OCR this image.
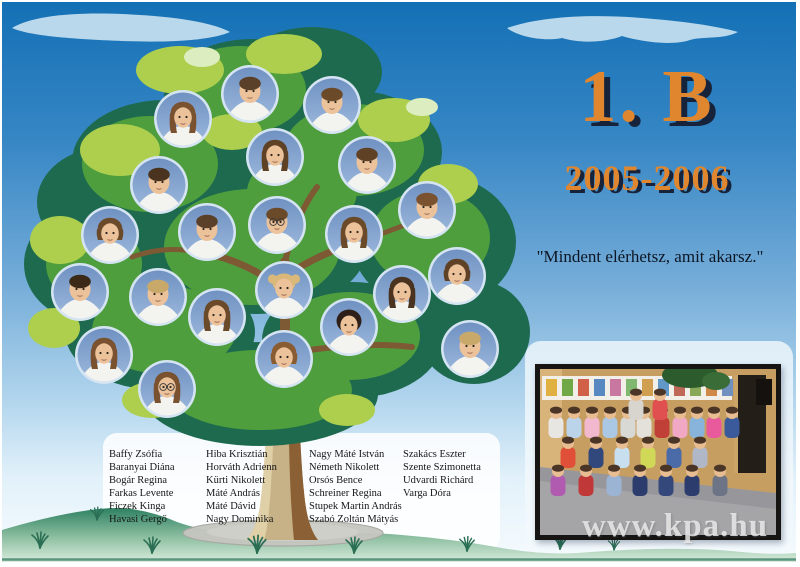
1. B
2005-2006
"Mindent elérhetsz, amit akarsz."
Baffy Zsófia
Baranyai Diána
Bogár Regina
Farkas Levente
Ficzek Kinga
Havasi Gergő
Hiba Krisztián
Horváth Adrienn
Kürti Nikolett
Máté András
Máté Dávid
Nagy Dominika
Nagy Máté István
Németh Nikolett
Orsós Bence
Schreiner Regina
Stupek Martin András
Szabó Zoltán Mátyás
Szakács Eszter
Szente Szimonetta
Udvardi Richárd
Varga Dóra
www.kpa.hu
